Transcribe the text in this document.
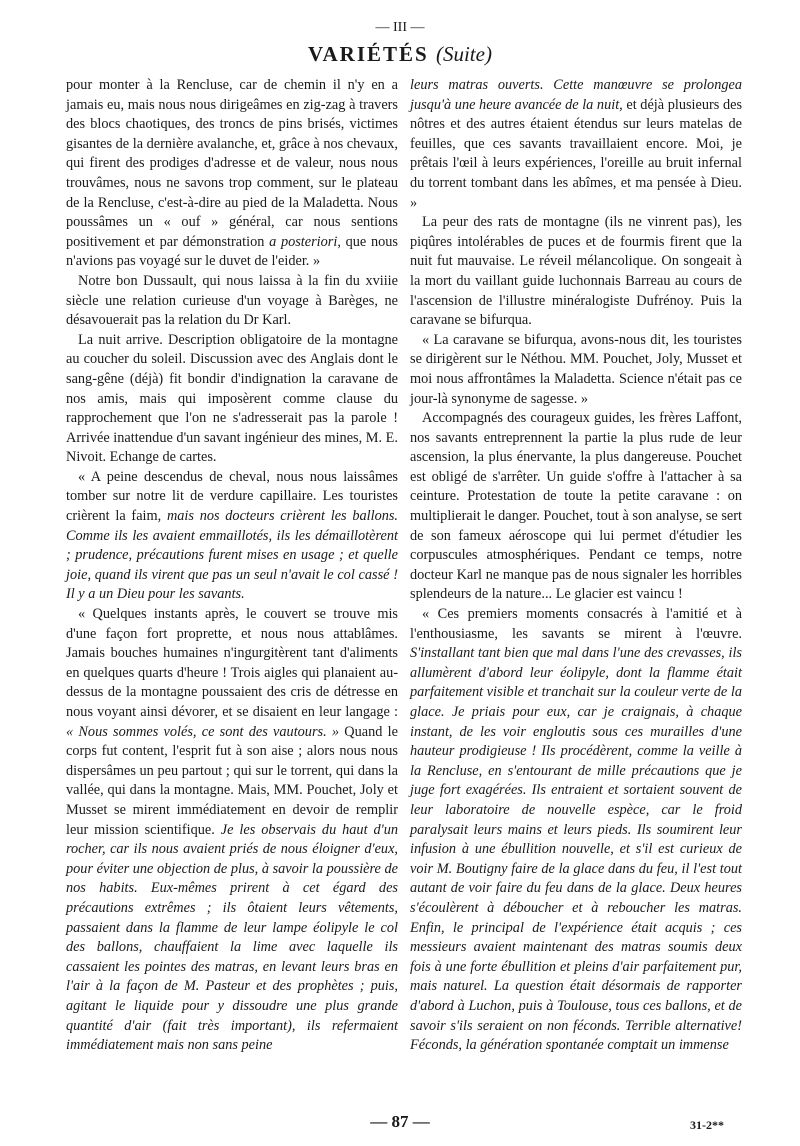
— III —
VARIÉTÉS (Suite)

pour monter à la Rencluse, car de chemin il n'y en a jamais eu, mais nous nous dirigeâmes en zig-zag à travers des blocs chaotiques, des troncs de pins brisés, victimes gisantes de la dernière avalanche, et, grâce à nos chevaux, qui firent des prodiges d'adresse et de valeur, nous nous trouvâmes, nous ne savons trop comment, sur le plateau de la Rencluse, c'est-à-dire au pied de la Maladetta. Nous poussâmes un « ouf » général, car nous sentions positivement et par démonstration a posteriori, que nous n'avions pas voyagé sur le duvet de l'eider. »

Notre bon Dussault, qui nous laissa à la fin du xviiie siècle une relation curieuse d'un voyage à Barèges, ne désavouerait pas la relation du Dr Karl.

La nuit arrive. Description obligatoire de la montagne au coucher du soleil. Discussion avec des Anglais dont le sang-gêne (déjà) fit bondir d'indignation la caravane de nos amis, mais qui imposèrent comme clause du rapprochement que l'on ne s'adresserait pas la parole ! Arrivée inattendue d'un savant ingénieur des mines, M. E. Nivoit. Echange de cartes.

« A peine descendus de cheval, nous nous laissâmes tomber sur notre lit de verdure capillaire. Les touristes crièrent la faim, mais nos docteurs crièrent les ballons. Comme ils les avaient emmaillotés, ils les démaillotèrent ; prudence, précautions furent mises en usage ; et quelle joie, quand ils virent que pas un seul n'avait le col cassé ! Il y a un Dieu pour les savants.

« Quelques instants après, le couvert se trouve mis d'une façon fort proprette, et nous nous attablâmes. Jamais bouches humaines n'ingurgitèrent tant d'aliments en quelques quarts d'heure ! Trois aigles qui planaient au-dessus de la montagne poussaient des cris de détresse en nous voyant ainsi dévorer, et se disaient en leur langage : « Nous sommes volés, ce sont des vautours. » Quand le corps fut content, l'esprit fut à son aise ; alors nous nous dispersâmes un peu partout ; qui sur le torrent, qui dans la vallée, qui dans la montagne. Mais, MM. Pouchet, Joly et Musset se mirent immédiatement en devoir de remplir leur mission scientifique. Je les observais du haut d'un rocher, car ils nous avaient priés de nous éloigner d'eux, pour éviter une objection de plus, à savoir la poussière de nos habits. Eux-mêmes prirent à cet égard des précautions extrêmes ; ils ôtaient leurs vêtements, passaient dans la flamme de leur lampe éolipyle le col des ballons, chauffaient la lime avec laquelle ils cassaient les pointes des matras, en levant leurs bras en l'air à la façon de M. Pasteur et des prophètes ; puis, agitant le liquide pour y dissoudre une plus grande quantité d'air (fait très important), ils refermaient immédiatement mais non sans peine

leurs matras ouverts. Cette manœuvre se prolongea jusqu'à une heure avancée de la nuit, et déjà plusieurs des nôtres et des autres étaient étendus sur leurs matelas de feuilles, que ces savants travaillaient encore. Moi, je prêtais l'œil à leurs expériences, l'oreille au bruit infernal du torrent tombant dans les abîmes, et ma pensée à Dieu. »

La peur des rats de montagne (ils ne vinrent pas), les piqûres intolérables de puces et de fourmis firent que la nuit fut mauvaise. Le réveil mélancolique. On songeait à la mort du vaillant guide luchonnais Barreau au cours de l'ascension de l'illustre minéralogiste Dufrénoy. Puis la caravane se bifurqua.

« La caravane se bifurqua, avons-nous dit, les touristes se dirigèrent sur le Néthou. MM. Pouchet, Joly, Musset et moi nous affrontâmes la Maladetta. Science n'était pas ce jour-là synonyme de sagesse. »

Accompagnés des courageux guides, les frères Laffont, nos savants entreprennent la partie la plus rude de leur ascension, la plus énervante, la plus dangereuse. Pouchet est obligé de s'arrêter. Un guide s'offre à l'attacher à sa ceinture. Protestation de toute la petite caravane : on multiplierait le danger. Pouchet, tout à son analyse, se sert de son fameux aéroscope qui lui permet d'étudier les corpuscules atmosphériques. Pendant ce temps, notre docteur Karl ne manque pas de nous signaler les horribles splendeurs de la nature... Le glacier est vaincu !

« Ces premiers moments consacrés à l'amitié et à l'enthousiasme, les savants se mirent à l'œuvre. S'installant tant bien que mal dans l'une des crevasses, ils allumèrent d'abord leur éolipyle, dont la flamme était parfaitement visible et tranchait sur la couleur verte de la glace. Je priais pour eux, car je craignais, à chaque instant, de les voir engloutis sous ces murailles d'une hauteur prodigieuse ! Ils procédèrent, comme la veille à la Rencluse, en s'entourant de mille précautions que je juge fort exagérées. Ils entraient et sortaient souvent de leur laboratoire de nouvelle espèce, car le froid paralysait leurs mains et leurs pieds. Ils soumirent leur infusion à une ébullition nouvelle, et s'il est curieux de voir M. Boutigny faire de la glace dans du feu, il l'est tout autant de voir faire du feu dans de la glace. Deux heures s'écoulèrent à déboucher et à reboucher les matras. Enfin, le principal de l'expérience était acquis ; ces messieurs avaient maintenant des matras soumis deux fois à une forte ébullition et pleins d'air parfaitement pur, mais naturel. La question était désormais de rapporter d'abord à Luchon, puis à Toulouse, tous ces ballons, et de savoir s'ils seraient on non féconds. Terrible alternative! Féconds, la génération spontanée comptait un immense

— 87 —	31-2**
